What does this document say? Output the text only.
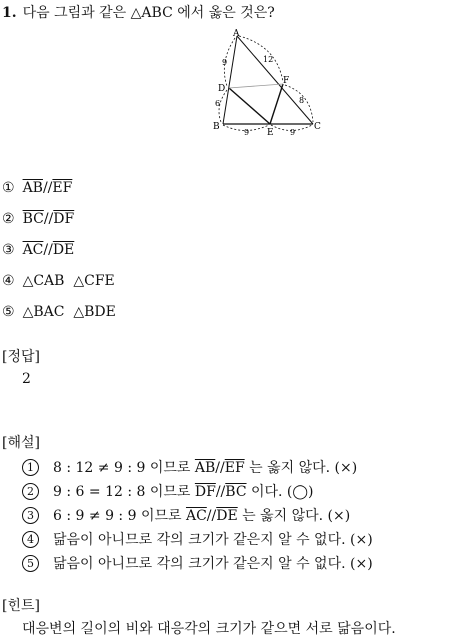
1. 다음 그림과 같은 △ABC 에서 옳은 것은?
A
B	C
D
E
F
12
9
6	8
9	9
① $\overline{AB}//\overline{EF}$
② $\overline{BC}//\overline{DF}$
③ $\overline{AC}//\overline{DE}$
④ △CAB  △CFE
⑤ △BAC  △BDE
[정답]
2
[해설]
1 8 : 12 ≠ 9 : 9 이므로 $\overline{AB}//\overline{EF}$ 는 옳지 않다. (×)
2 9 : 6 = 12 : 8 이므로 $\overline{DF}//\overline{BC}$ 이다. (◯)
3 6 : 9 ≠ 9 : 9 이므로 $\overline{AC}//\overline{DE}$ 는 옳지 않다. (×)
4 닮음이 아니므로 각의 크기가 같은지 알 수 없다. (×)
5 닮음이 아니므로 각의 크기가 같은지 알 수 없다. (×)
[힌트]
대응변의 길이의 비와 대응각의 크기가 같으면 서로 닮음이다.
